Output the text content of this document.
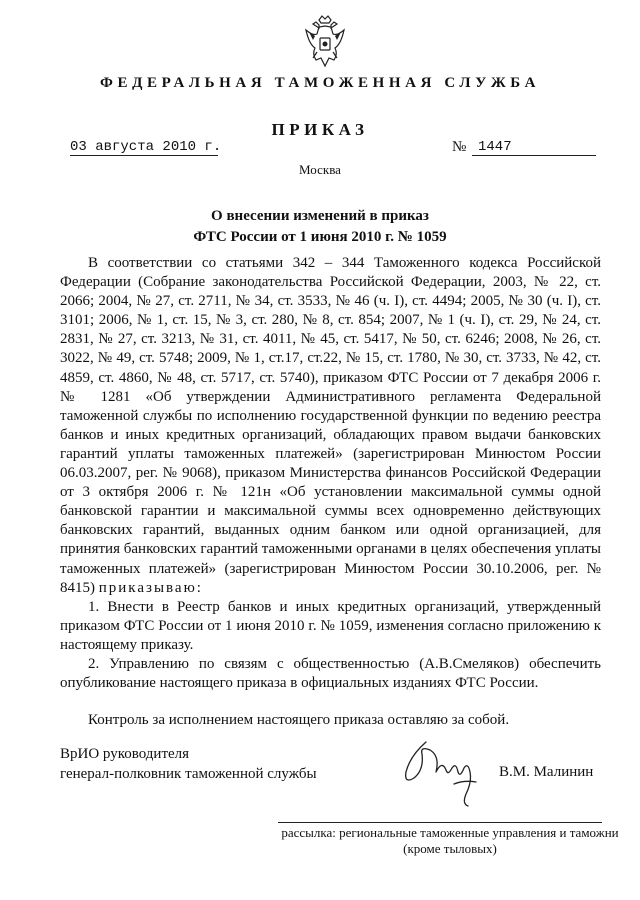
ФЕДЕРАЛЬНАЯ ТАМОЖЕННАЯ СЛУЖБА
ПРИКАЗ
03 августа 2010 г.	№ 1447
Москва
О внесении изменений в приказ
ФТС России от 1 июня 2010 г. № 1059

В соответствии со статьями 342 – 344 Таможенного кодекса Российской Федерации (Собрание законодательства Российской Федерации, 2003, № 22, ст. 2066; 2004, № 27, ст. 2711, № 34, ст. 3533, № 46 (ч. I), ст. 4494; 2005, № 30 (ч. I), ст. 3101; 2006, № 1, ст. 15, № 3, ст. 280, № 8, ст. 854; 2007, № 1 (ч. I), ст. 29, № 24, ст. 2831, № 27, ст. 3213, № 31, ст. 4011, № 45, ст. 5417, № 50, ст. 6246; 2008, № 26, ст. 3022, № 49, ст. 5748; 2009, № 1, ст.17, ст.22, № 15, ст. 1780, № 30, ст. 3733, № 42, ст. 4859, ст. 4860, № 48, ст. 5717, ст. 5740), приказом ФТС России от 7 декабря 2006 г. № 1281 «Об утверждении Административного регламента Федеральной таможенной службы по исполнению государственной функции по ведению реестра банков и иных кредитных организаций, обладающих правом выдачи банковских гарантий уплаты таможенных платежей» (зарегистрирован Минюстом России 06.03.2007, рег. № 9068), приказом Министерства финансов Российской Федерации от 3 октября 2006 г. № 121н «Об установлении максимальной суммы одной банковской гарантии и максимальной суммы всех одновременно действующих банковских гарантий, выданных одним банком или одной организацией, для принятия банковских гарантий таможенными органами в целях обеспечения уплаты таможенных платежей» (зарегистрирован Минюстом России 30.10.2006, рег. № 8415) приказываю:

1. Внести в Реестр банков и иных кредитных организаций, утвержденный приказом ФТС России от 1 июня 2010 г. № 1059, изменения согласно приложению к настоящему приказу.

2. Управлению по связям с общественностью (А.В.Смеляков) обеспечить опубликование настоящего приказа в официальных изданиях ФТС России.

Контроль за исполнением настоящего приказа оставляю за собой.

ВрИО руководителя
генерал-полковник таможенной службы	В.М. Малинин
рассылка: региональные таможенные управления и таможни
(кроме тыловых)
